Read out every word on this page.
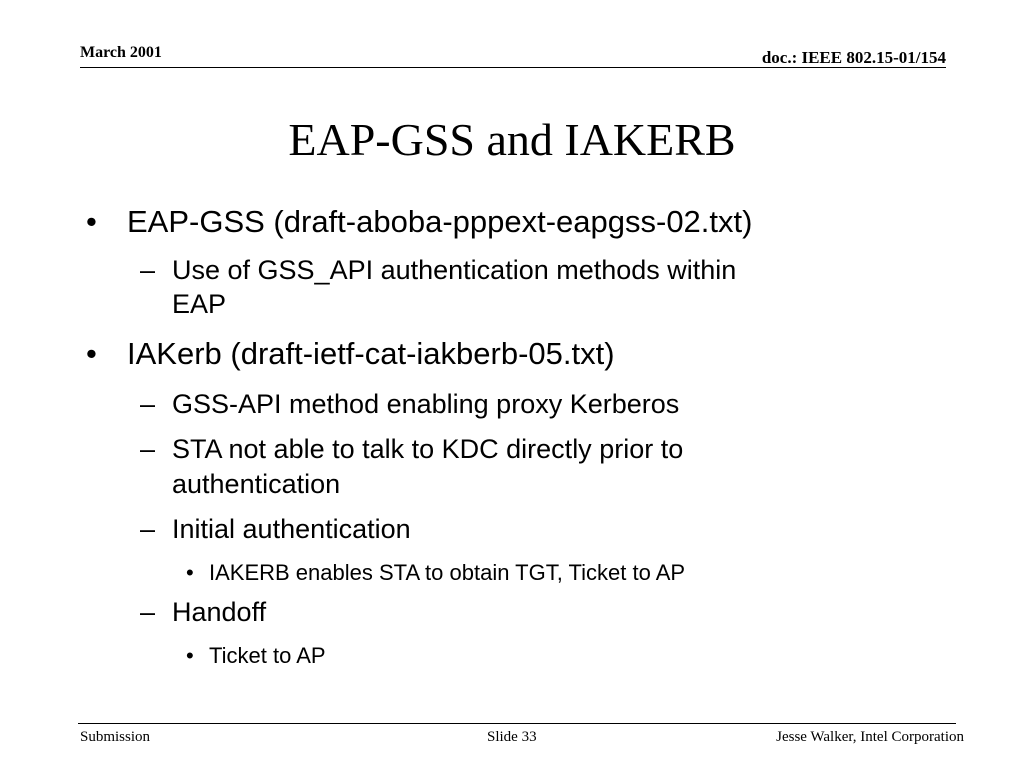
March 2001	doc.: IEEE 802.15-01/154
EAP-GSS and IAKERB
• EAP-GSS (draft-aboba-pppext-eapgss-02.txt)
– Use of GSS_API authentication methods within
EAP
• IAKerb (draft-ietf-cat-iakberb-05.txt)
– GSS-API method enabling proxy Kerberos
– STA not able to talk to KDC directly prior to
authentication
– Initial authentication
• IAKERB enables STA to obtain TGT, Ticket to AP
– Handoff
• Ticket to AP
Submission	Slide 33	Jesse Walker, Intel Corporation
